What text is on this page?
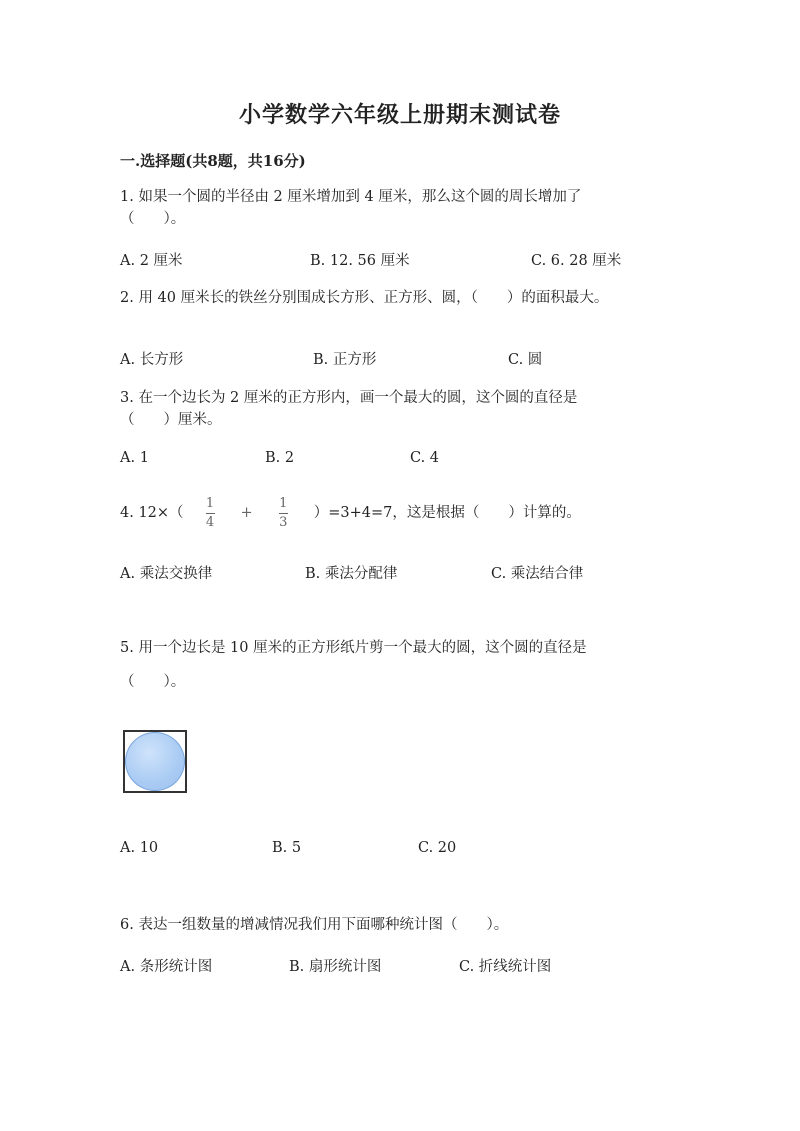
小学数学六年级上册期末测试卷
一.选择题(共8题，共16分)
1. 如果一个圆的半径由 2 厘米增加到 4 厘米，那么这个圆的周长增加了
（　　）。
A. 2 厘米	B. 12. 56 厘米	C. 6. 28 厘米
2. 用 40 厘米长的铁丝分别围成长方形、正方形、圆，（　　）的面积最大。
A. 长方形	B. 正方形	C. 圆
3. 在一个边长为 2 厘米的正方形内，画一个最大的圆，这个圆的直径是
（　　）厘米。
A. 1	B. 2	C. 4
4. $12\times( \frac{1}{4} + \frac{1}{3} )=3+4=7$，这是根据（　　）计算的。
A. 乘法交换律	B. 乘法分配律	C. 乘法结合律
5. 用一个边长是 10 厘米的正方形纸片剪一个最大的圆，这个圆的直径是
（　　）。
A. 10	B. 5	C. 20
6. 表达一组数量的增减情况我们用下面哪种统计图（　　）。
A. 条形统计图	B. 扇形统计图	C. 折线统计图
